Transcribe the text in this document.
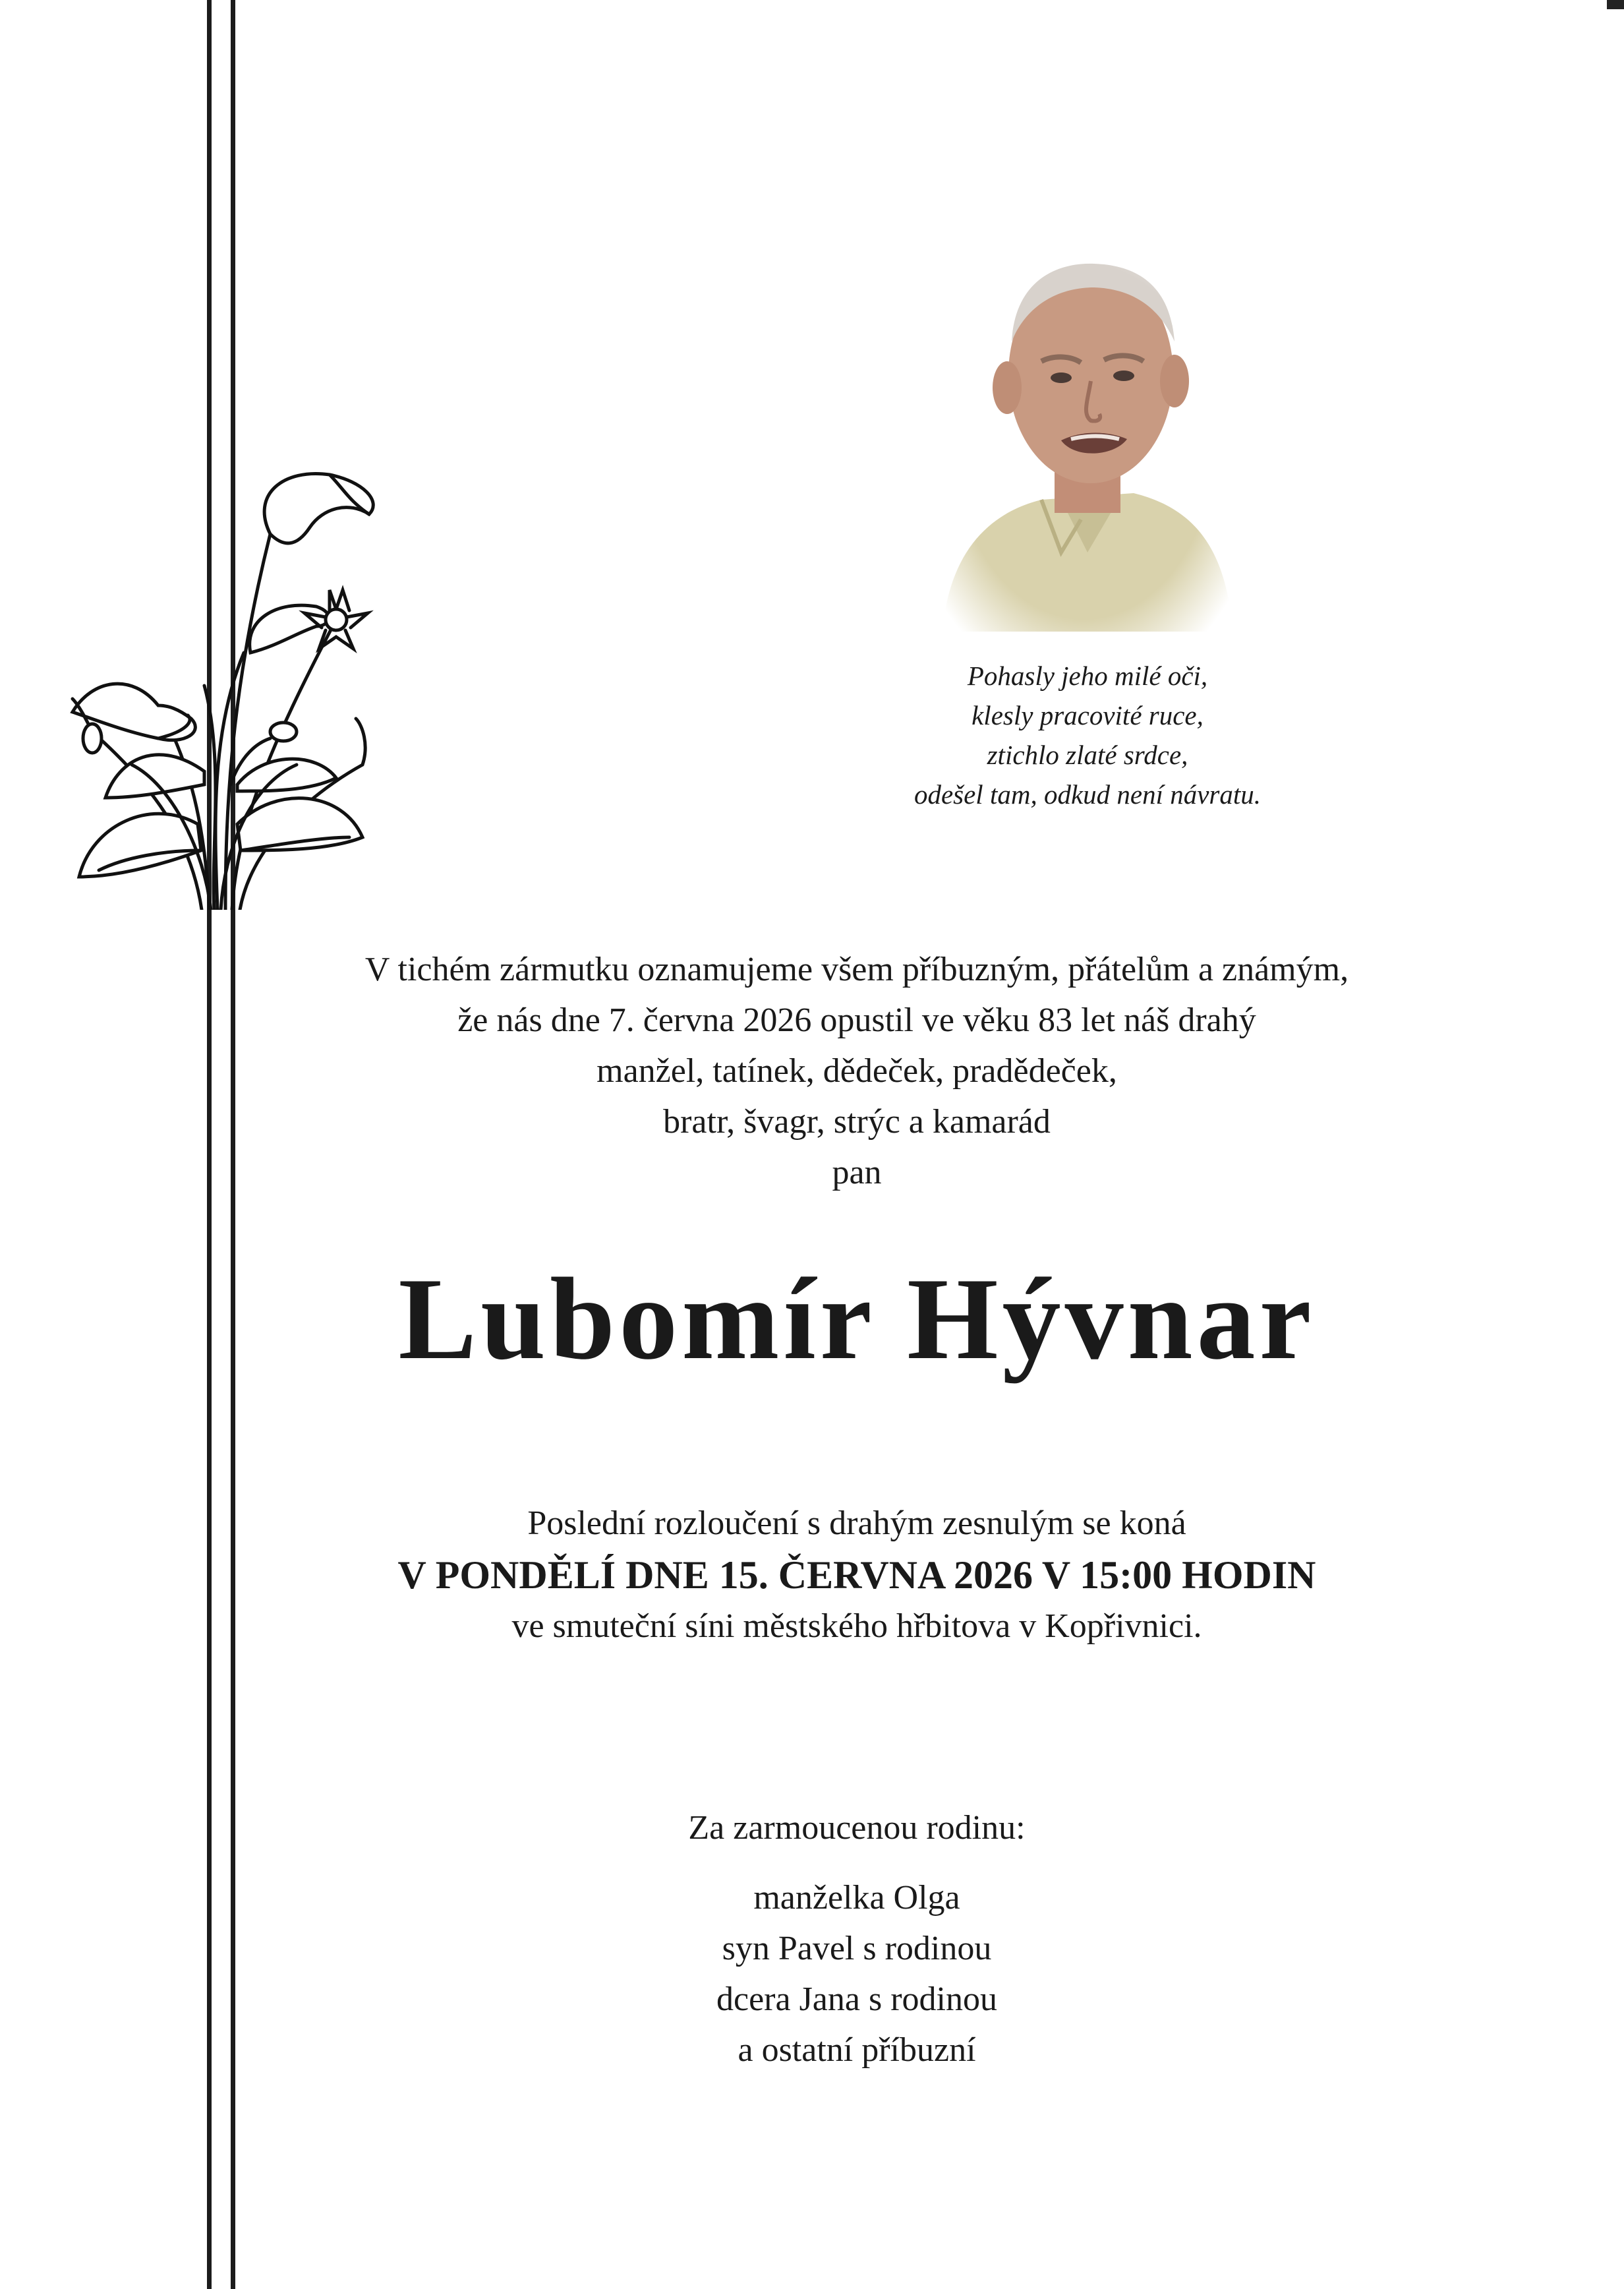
Pohasly jeho milé oči,
klesly pracovité ruce,
ztichlo zlaté srdce,
odešel tam, odkud není návratu.
V tichém zármutku oznamujeme všem příbuzným, přátelům a známým,
že nás dne 7. června 2026 opustil ve věku 83 let náš drahý
manžel, tatínek, dědeček, pradědeček,
bratr, švagr, strýc a kamarád
pan
Lubomír Hývnar
Poslední rozloučení s drahým zesnulým se koná
V PONDĚLÍ DNE 15. ČERVNA 2026 V 15:00 HODIN
ve smuteční síni městského hřbitova v Kopřivnici.
Za zarmoucenou rodinu:
manželka Olga
syn Pavel s rodinou
dcera Jana s rodinou
a ostatní příbuzní
